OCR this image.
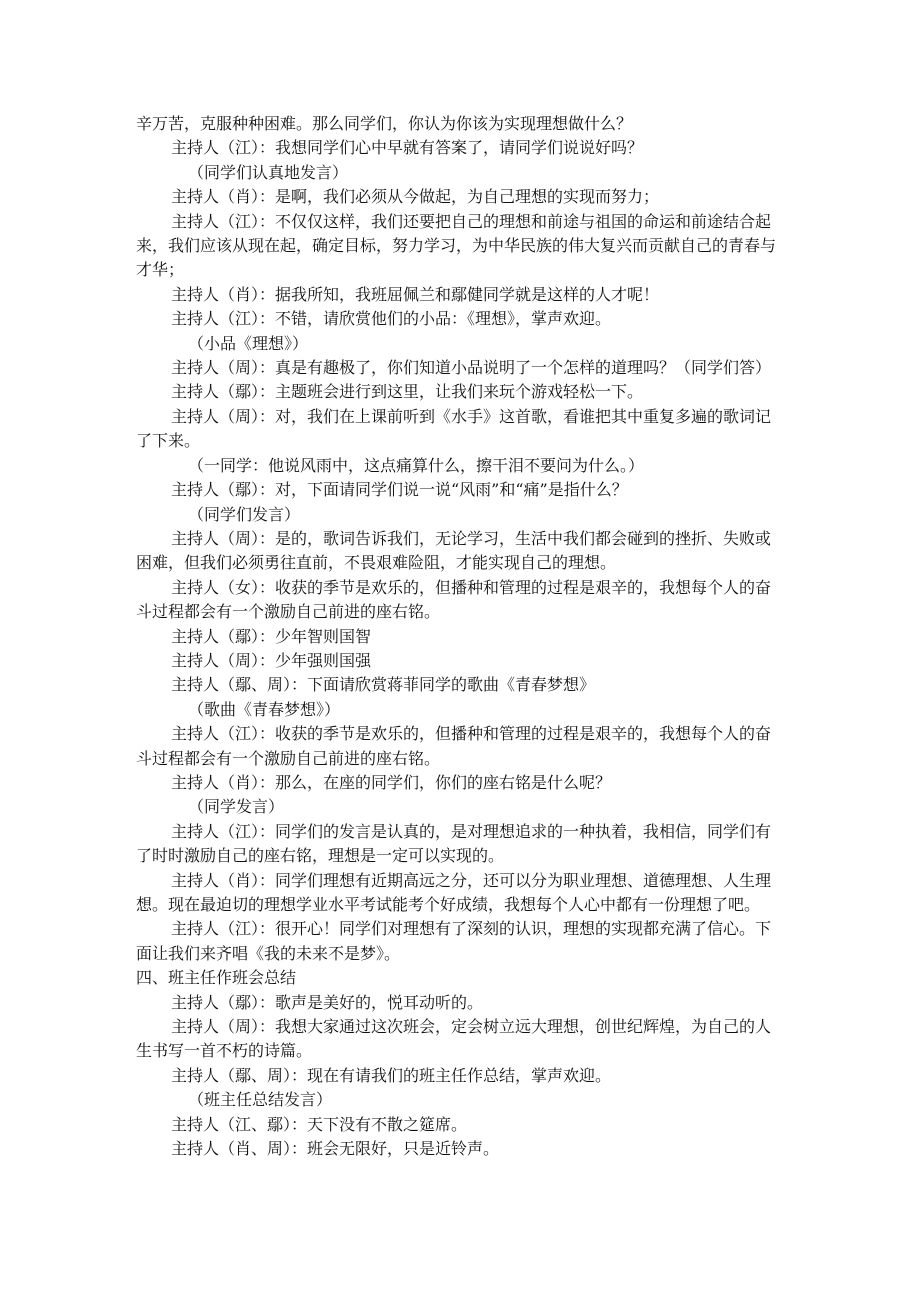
辛万苦，克服种种困难。那么同学们，你认为你该为实现理想做什么？

主持人（江）：我想同学们心中早就有答案了，请同学们说说好吗？

（同学们认真地发言）

主持人（肖）：是啊，我们必须从今做起，为自己理想的实现而努力；

主持人（江）：不仅仅这样，我们还要把自己的理想和前途与祖国的命运和前途结合起来，我们应该从现在起，确定目标，努力学习，为中华民族的伟大复兴而贡献自己的青春与才华；

主持人（肖）：据我所知，我班屈佩兰和鄢健同学就是这样的人才呢！

主持人（江）：不错，请欣赏他们的小品：《理想》，掌声欢迎。

（小品《理想》）

主持人（周）：真是有趣极了，你们知道小品说明了一个怎样的道理吗？（同学们答）

主持人（鄢）：主题班会进行到这里，让我们来玩个游戏轻松一下。

主持人（周）：对，我们在上课前听到《水手》这首歌，看谁把其中重复多遍的歌词记了下来。

（一同学：他说风雨中，这点痛算什么，擦干泪不要问为什么。）

主持人（鄢）：对，下面请同学们说一说“风雨”和“痛”是指什么？

（同学们发言）

主持人（周）：是的，歌词告诉我们，无论学习，生活中我们都会碰到的挫折、失败或困难，但我们必须勇往直前，不畏艰难险阻，才能实现自己的理想。

主持人（女）：收获的季节是欢乐的，但播种和管理的过程是艰辛的，我想每个人的奋斗过程都会有一个激励自己前进的座右铭。

主持人（鄢）：少年智则国智

主持人（周）：少年强则国强

主持人（鄢、周）：下面请欣赏蒋菲同学的歌曲《青春梦想》

（歌曲《青春梦想》）

主持人（江）：收获的季节是欢乐的，但播种和管理的过程是艰辛的，我想每个人的奋斗过程都会有一个激励自己前进的座右铭。

主持人（肖）：那么，在座的同学们，你们的座右铭是什么呢？

（同学发言）

主持人（江）：同学们的发言是认真的，是对理想追求的一种执着，我相信，同学们有了时时激励自己的座右铭，理想是一定可以实现的。

主持人（肖）：同学们理想有近期高远之分，还可以分为职业理想、道德理想、人生理想。现在最迫切的理想学业水平考试能考个好成绩，我想每个人心中都有一份理想了吧。

主持人（江）：很开心！同学们对理想有了深刻的认识，理想的实现都充满了信心。下面让我们来齐唱《我的未来不是梦》。

四、班主任作班会总结

主持人（鄢）：歌声是美好的，悦耳动听的。

主持人（周）：我想大家通过这次班会，定会树立远大理想，创世纪辉煌，为自己的人生书写一首不朽的诗篇。

主持人（鄢、周）：现在有请我们的班主任作总结，掌声欢迎。

（班主任总结发言）

主持人（江、鄢）：天下没有不散之筵席。

主持人（肖、周）：班会无限好，只是近铃声。
